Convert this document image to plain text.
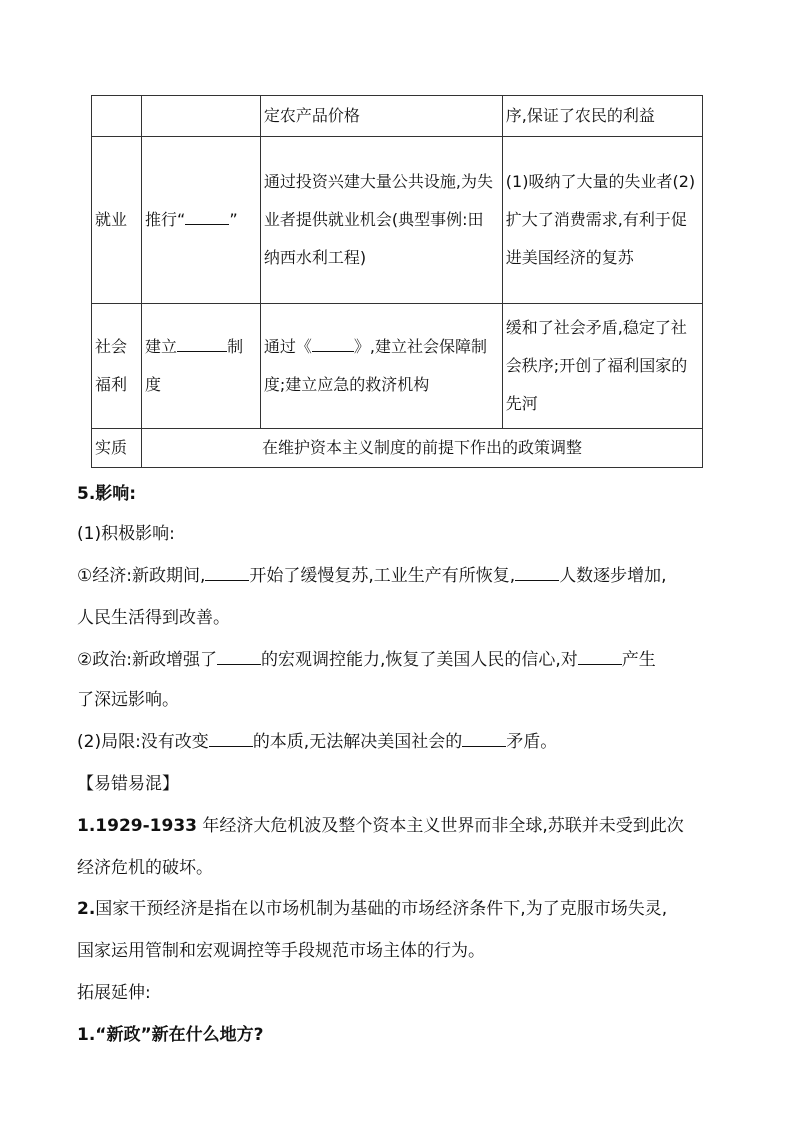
		定农产品价格	序,保证了农民的利益
就业	推行“ ”	通过投资兴建大量公共设施,为失业者提供就业机会(典型事例:田纳西水利工程)	(1)吸纳了大量的失业者(2)扩大了消费需求,有利于促进美国经济的复苏
社会福利	建立 制度	通过《 》,建立社会保障制度;建立应急的救济机构	缓和了社会矛盾,稳定了社会秩序;开创了福利国家的先河
实质	在维护资本主义制度的前提下作出的政策调整		
5.影响:
(1)积极影响:
①经济:新政期间,	开始了缓慢复苏,工业生产有所恢复,	人数逐步增加,
人民生活得到改善。
②政治:新政增强了	的宏观调控能力,恢复了美国人民的信心,对	产生
了深远影响。
(2)局限:没有改变	的本质,无法解决美国社会的	矛盾。
【易错易混】
1.1929-1933 年经济大危机波及整个资本主义世界而非全球,苏联并未受到此次
经济危机的破坏。
2.国家干预经济是指在以市场机制为基础的市场经济条件下,为了克服市场失灵,
国家运用管制和宏观调控等手段规范市场主体的行为。
拓展延伸:
1.“新政”新在什么地方?
